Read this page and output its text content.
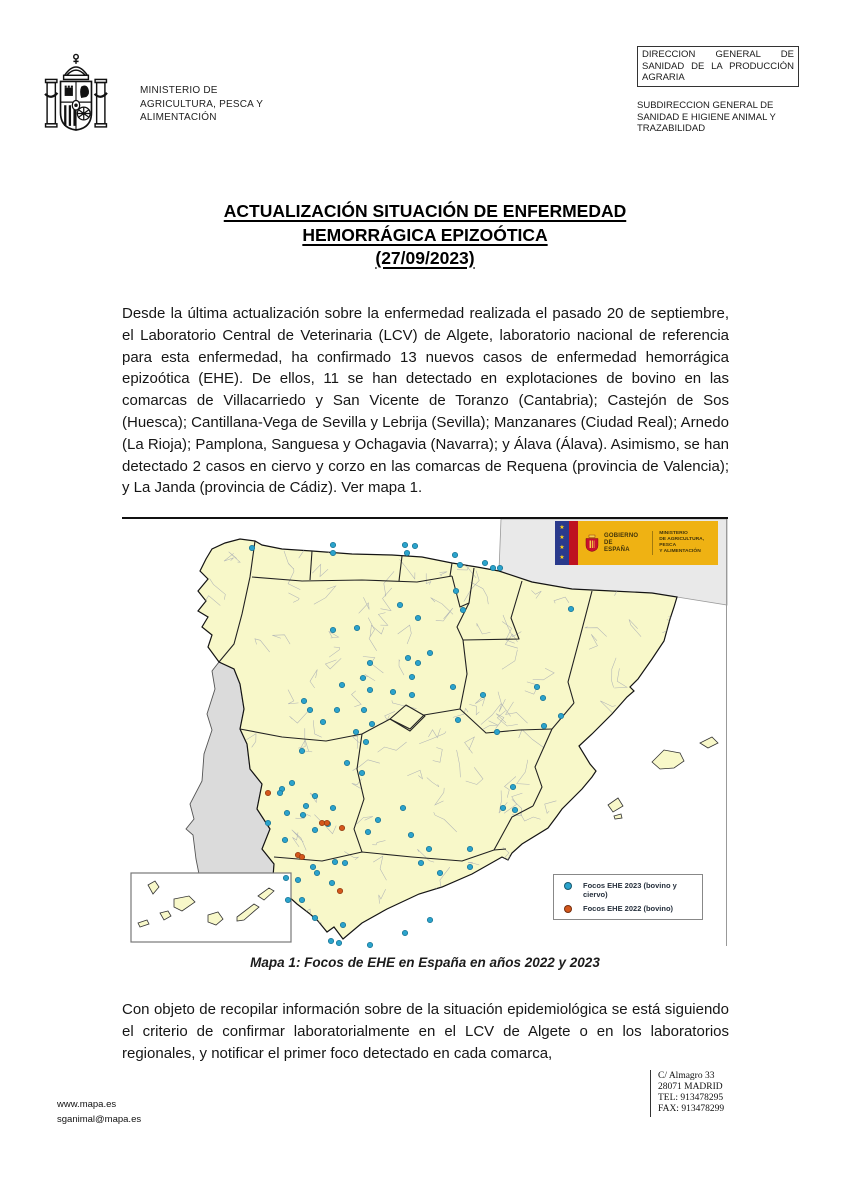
MINISTERIO DE
AGRICULTURA, PESCA Y
ALIMENTACIÓN
DIRECCION GENERAL DE
SANIDAD DE LA PRODUCCIÓN
AGRARIA
SUBDIRECCION GENERAL DE
SANIDAD E HIGIENE ANIMAL Y
TRAZABILIDAD
ACTUALIZACIÓN SITUACIÓN DE ENFERMEDAD
HEMORRÁGICA EPIZOÓTICA
(27/09/2023)
Desde la última actualización sobre la enfermedad realizada el pasado 20 de septiembre, el Laboratorio Central de Veterinaria (LCV) de Algete, laboratorio nacional de referencia para esta enfermedad, ha confirmado 13 nuevos casos de enfermedad hemorrágica epizoótica (EHE). De ellos, 11 se han detectado en explotaciones de bovino en las comarcas de Villacarriedo y San Vicente de Toranzo (Cantabria); Castejón de Sos (Huesca); Cantillana-Vega de Sevilla y Lebrija (Sevilla); Manzanares (Ciudad Real); Arnedo (La Rioja); Pamplona, Sanguesa y Ochagavia (Navarra); y Álava (Álava). Asimismo, se han detectado 2 casos en ciervo y corzo en las comarcas de Requena (provincia de Valencia); y La Janda (provincia de Cádiz). Ver mapa 1.
★
★
★
★
GOBIERNO
DE ESPAÑA
MINISTERIO
DE AGRICULTURA, PESCA
Y ALIMENTACIÓN
Focos EHE 2023 (bovino y ciervo)
Focos EHE 2022 (bovino)
Mapa 1: Focos de EHE en España en años 2022 y 2023
Con objeto de recopilar información sobre de la situación epidemiológica se está siguiendo el criterio de confirmar laboratorialmente en el LCV de Algete o en los laboratorios regionales, y notificar el primer foco detectado en cada comarca,
www.mapa.es
sganimal@mapa.es
C/ Almagro 33
28071 MADRID
TEL: 913478295
FAX: 913478299
